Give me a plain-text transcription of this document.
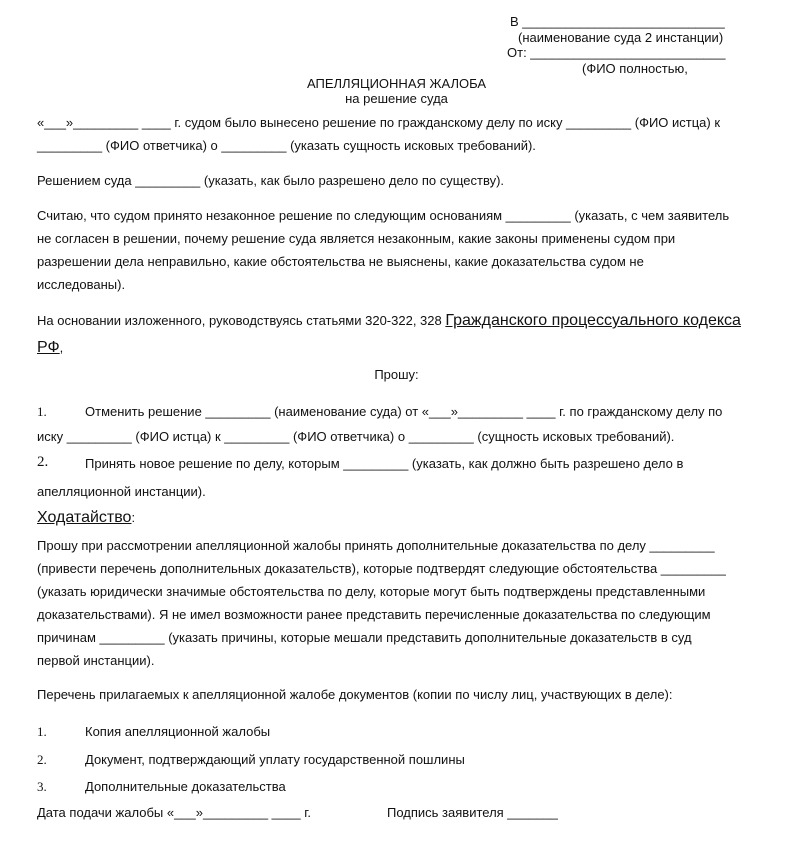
В ____________________________
(наименование суда 2 инстанции)
От: ___________________________
(ФИО полностью,
АПЕЛЛЯЦИОННАЯ ЖАЛОБА
на решение суда
«___»_________ ____ г. судом было вынесено решение по гражданскому делу по иску _________ (ФИО истца) к
_________ (ФИО ответчика) о _________ (указать сущность исковых требований).
Решением суда _________ (указать, как было разрешено дело по существу).
Считаю, что судом принято незаконное решение по следующим основаниям _________ (указать, с чем заявитель
не согласен в решении, почему решение суда является незаконным, какие законы применены судом при
разрешении дела неправильно, какие обстоятельства не выяснены, какие доказательства судом не
исследованы).
На основании изложенного, руководствуясь статьями 320-322, 328 Гражданского процессуального кодекса
РФ,
Прошу:
1.	Отменить решение _________ (наименование суда) от «___»_________ ____ г. по гражданскому делу по
иску _________ (ФИО истца) к _________ (ФИО ответчика) о _________ (сущность исковых требований).
2.	Принять новое решение по делу, которым _________ (указать, как должно быть разрешено дело в
апелляционной инстанции).
Ходатайство:
Прошу при рассмотрении апелляционной жалобы принять дополнительные доказательства по делу _________
(привести перечень дополнительных доказательств), которые подтвердят следующие обстоятельства _________
(указать юридически значимые обстоятельства по делу, которые могут быть подтверждены представленными
доказательствами). Я не имел возможности ранее представить перечисленные доказательства по следующим
причинам _________ (указать причины, которые мешали представить дополнительные доказательств в суд
первой инстанции).
Перечень прилагаемых к апелляционной жалобе документов (копии по числу лиц, участвующих в деле):
1.	Копия апелляционной жалобы
2.	Документ, подтверждающий уплату государственной пошлины
3.	Дополнительные доказательства
Дата подачи жалобы «___»_________ ____ г.	Подпись заявителя _______
